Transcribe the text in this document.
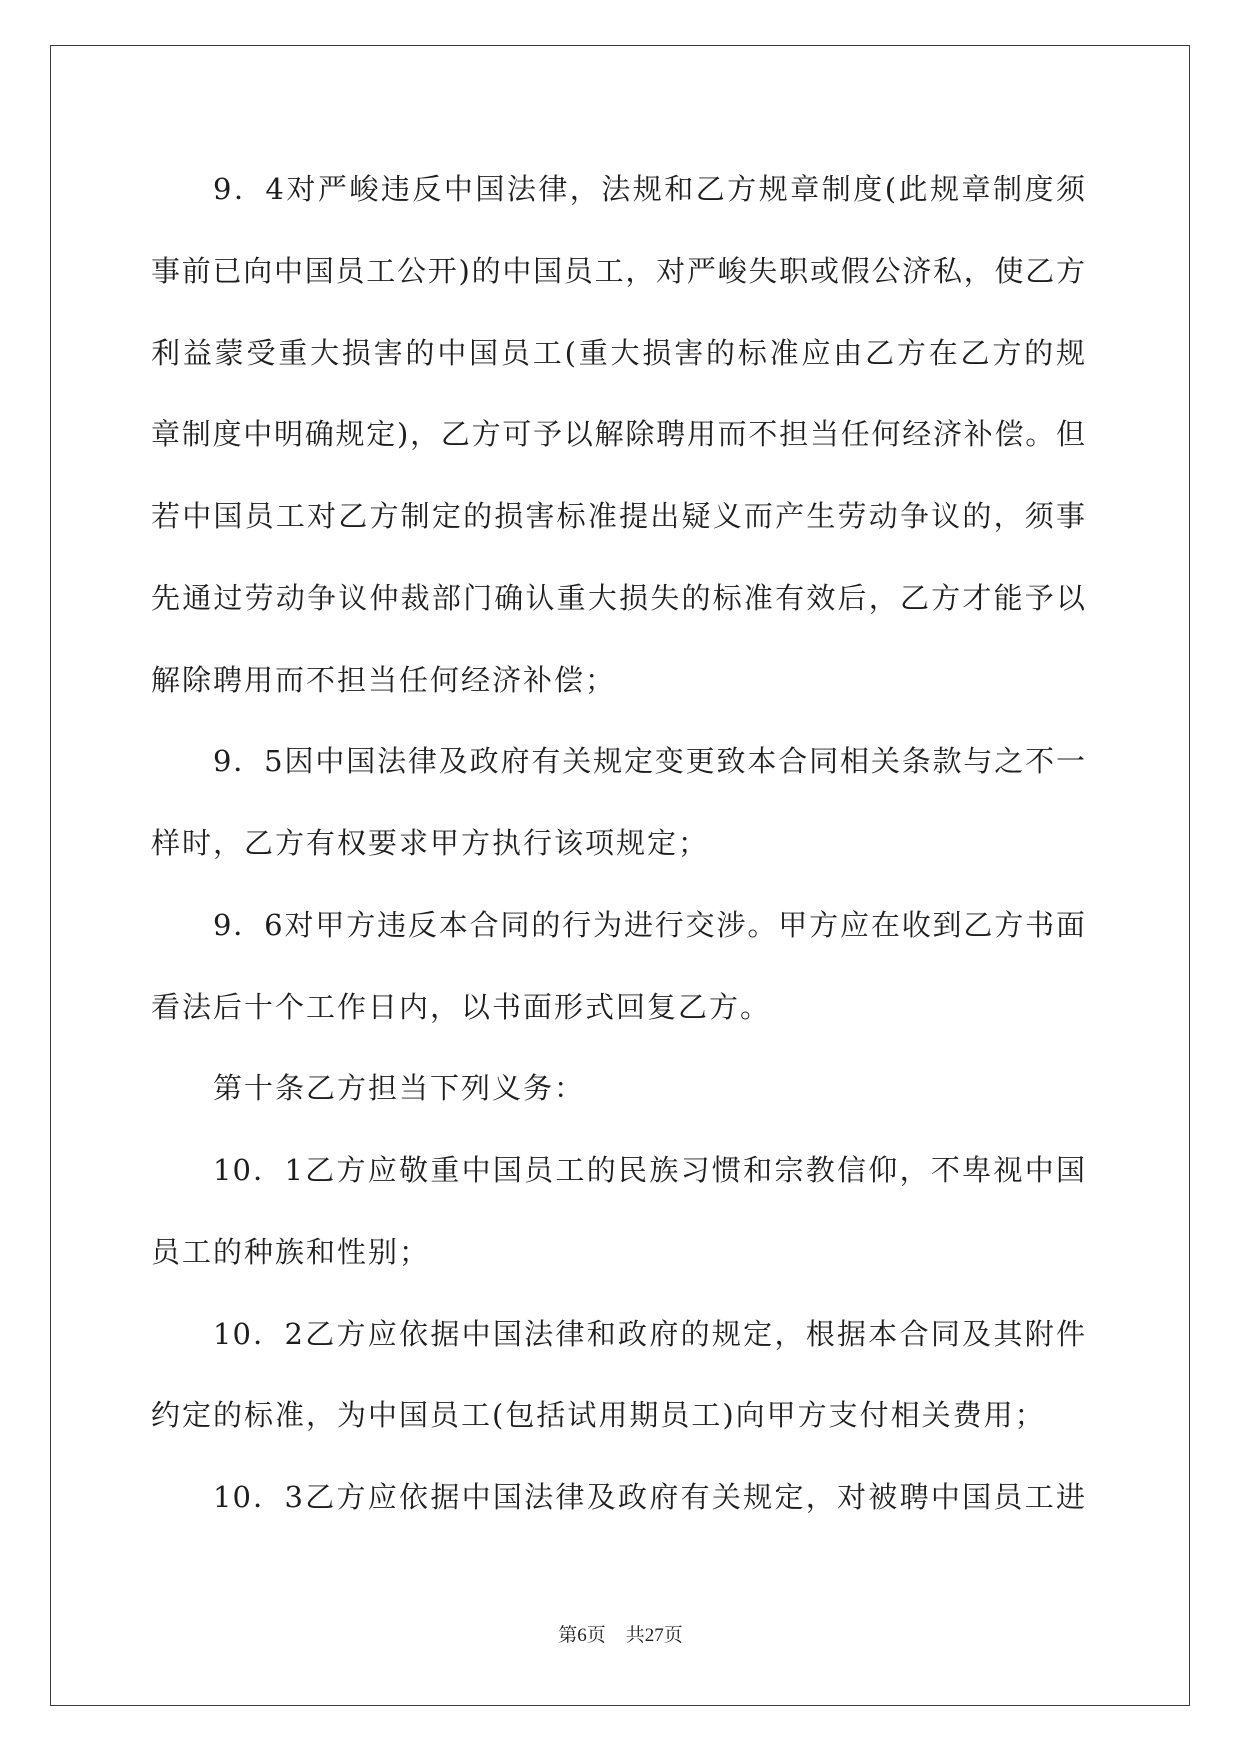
9．4对严峻违反中国法律，法规和乙方规章制度(此规章制度须
事前已向中国员工公开)的中国员工，对严峻失职或假公济私，使乙方
利益蒙受重大损害的中国员工(重大损害的标准应由乙方在乙方的规
章制度中明确规定)，乙方可予以解除聘用而不担当任何经济补偿。但
若中国员工对乙方制定的损害标准提出疑义而产生劳动争议的，须事
先通过劳动争议仲裁部门确认重大损失的标准有效后，乙方才能予以
解除聘用而不担当任何经济补偿；
9．5因中国法律及政府有关规定变更致本合同相关条款与之不一
样时，乙方有权要求甲方执行该项规定；
9．6对甲方违反本合同的行为进行交涉。甲方应在收到乙方书面
看法后十个工作日内，以书面形式回复乙方。
第十条乙方担当下列义务：
10．1乙方应敬重中国员工的民族习惯和宗教信仰，不卑视中国
员工的种族和性别；
10．2乙方应依据中国法律和政府的规定，根据本合同及其附件
约定的标准，为中国员工(包括试用期员工)向甲方支付相关费用；
10．3乙方应依据中国法律及政府有关规定，对被聘中国员工进
第6页 共27页
